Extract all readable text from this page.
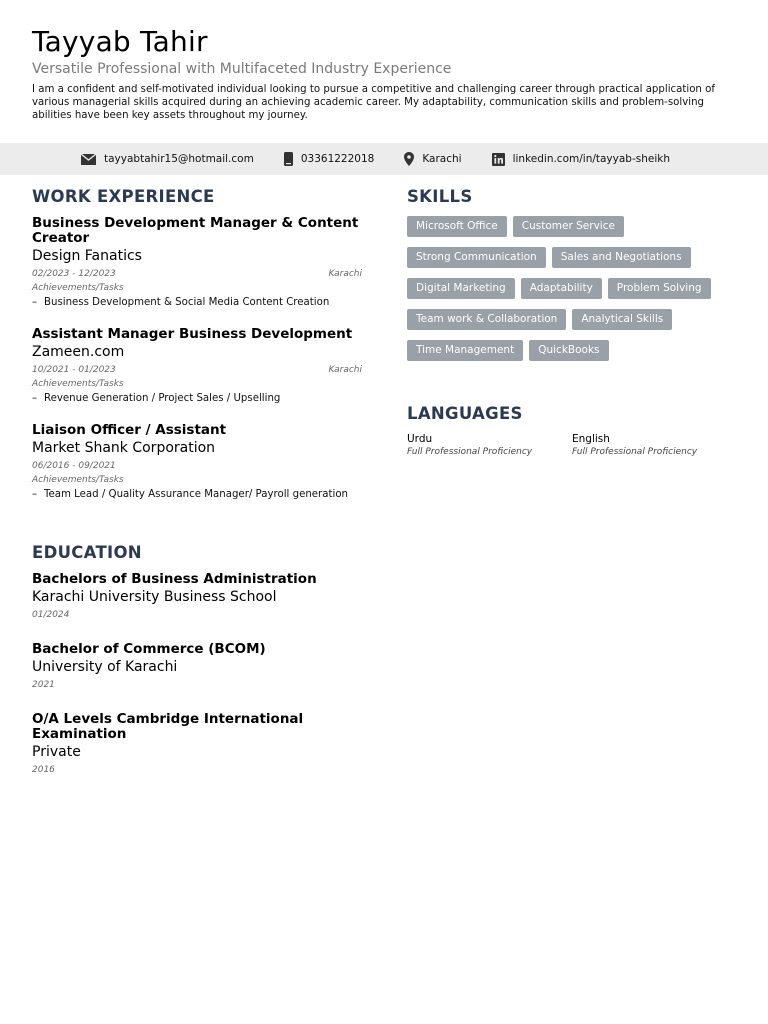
Tayyab Tahir
Versatile Professional with Multifaceted Industry Experience
I am a confident and self-motivated individual looking to pursue a competitive and challenging career through practical application of various managerial skills acquired during an achieving academic career. My adaptability, communication skills and problem-solving abilities have been key assets throughout my journey.
tayyabtahir15@hotmail.com	03361222018	Karachi	linkedin.com/in/tayyab-sheikh
WORK EXPERIENCE
Business Development Manager & Content Creator
Design Fanatics
02/2023 - 12/2023	Karachi
Achievements/Tasks
– Business Development & Social Media Content Creation
Assistant Manager Business Development
Zameen.com
10/2021 - 01/2023	Karachi
Achievements/Tasks
– Revenue Generation / Project Sales / Upselling
Liaison Officer / Assistant
Market Shank Corporation
06/2016 - 09/2021
Achievements/Tasks
– Team Lead / Quality Assurance Manager/ Payroll generation
EDUCATION
Bachelors of Business Administration
Karachi University Business School
01/2024
Bachelor of Commerce (BCOM)
University of Karachi
2021
O/A Levels Cambridge International Examination
Private
2016
SKILLS
Microsoft Office	Customer Service
Strong Communication	Sales and Negotiations
Digital Marketing	Adaptability	Problem Solving
Team work & Collaboration	Analytical Skills
Time Management	QuickBooks
LANGUAGES
Urdu
Full Professional Proficiency
English
Full Professional Proficiency
